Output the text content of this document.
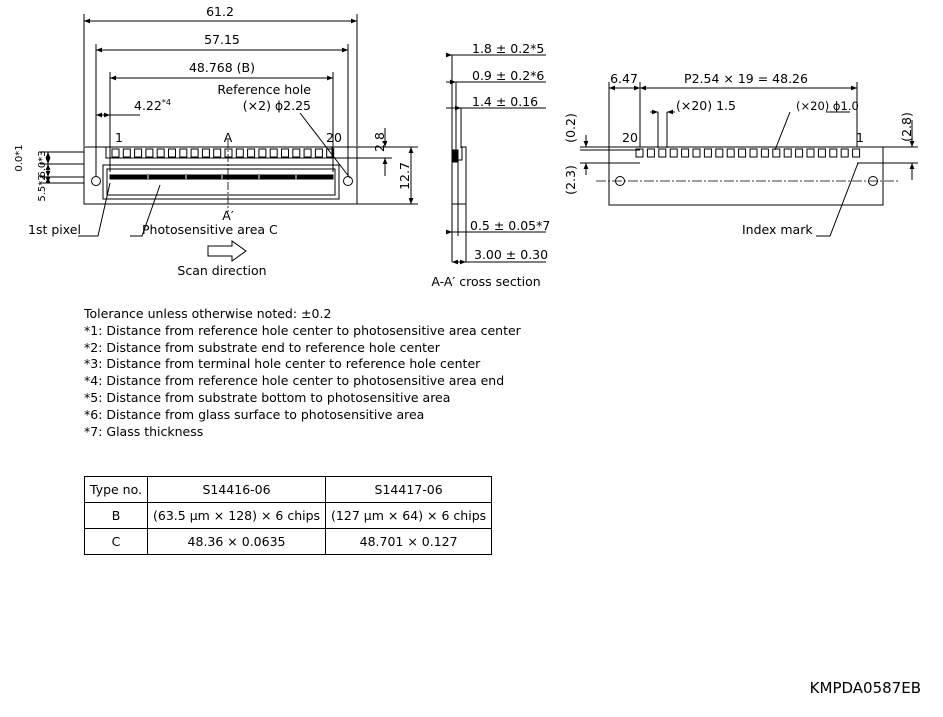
61.2
57.15
48.768 (B)
4.22$^{*4}$
Reference hole
(×2) ϕ2.25
1	20
A
A′
2.8
12.7
0.0*1 6.0*3
5.5*2
1st pixel	Photosensitive area C
Scan direction
1.8 ± 0.2*5
0.9 ± 0.2*6
1.4 ± 0.16
0.5 ± 0.05*7
3.00 ± 0.30
A-A′ cross section
6.47	P2.54 × 19 = 48.26
(×20) 1.5	(×20) ϕ1.0
20	1
(0.2)
(2.3)
(2.8)
Index mark
Tolerance unless otherwise noted: ±0.2
*1: Distance from reference hole center to photosensitive area center
*2: Distance from substrate end to reference hole center
*3: Distance from terminal hole center to reference hole center
*4: Distance from reference hole center to photosensitive area end
*5: Distance from substrate bottom to photosensitive area
*6: Distance from glass surface to photosensitive area
*7: Glass thickness
Type no.	S14416-06	S14417-06
B	(63.5 μm × 128) × 6 chips	(127 μm × 64) × 6 chips
C	48.36 × 0.0635	48.701 × 0.127
KMPDA0587EB
